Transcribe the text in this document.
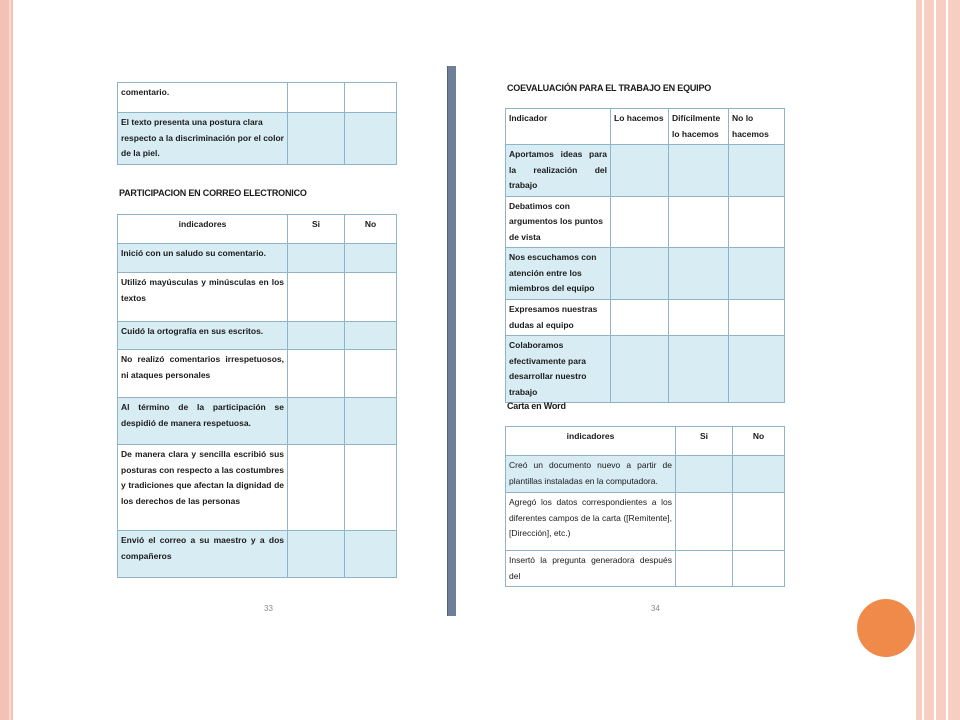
comentario.		
El texto presenta una postura clara respecto a la discriminación por el color de la piel.		
PARTICIPACION EN CORREO ELECTRONICO
indicadores	Si	No
Inició con un saludo su comentario.		
Utilizó mayúsculas y minúsculas en los textos		
Cuidó la ortografía en sus escritos.		
No realizó comentarios irrespetuosos, ni ataques personales		
Al término de la participación se despidió de manera respetuosa.		
De manera clara y sencilla escribió sus posturas con respecto a las costumbres y tradiciones que afectan la dignidad de los derechos de las personas		
Envió el correo a su maestro y a dos compañeros		
33
COEVALUACIÓN PARA EL TRABAJO EN EQUIPO
Indicador	Lo hacemos	Difícilmente lo hacemos	No lo hacemos
Aportamos ideas para la realización del trabajo			
Debatimos con argumentos los puntos de vista			
Nos escuchamos con atención entre los miembros del equipo			
Expresamos nuestras dudas al equipo			
Colaboramos efectivamente para desarrollar nuestro trabajo			
Carta en Word
indicadores	Si	No
Creó un documento nuevo a partir de plantillas instaladas en la computadora.		
Agregó los datos correspondientes a los diferentes campos de la carta ([Remitente], [Dirección], etc.)		
Insertó la pregunta generadora después del		
34
